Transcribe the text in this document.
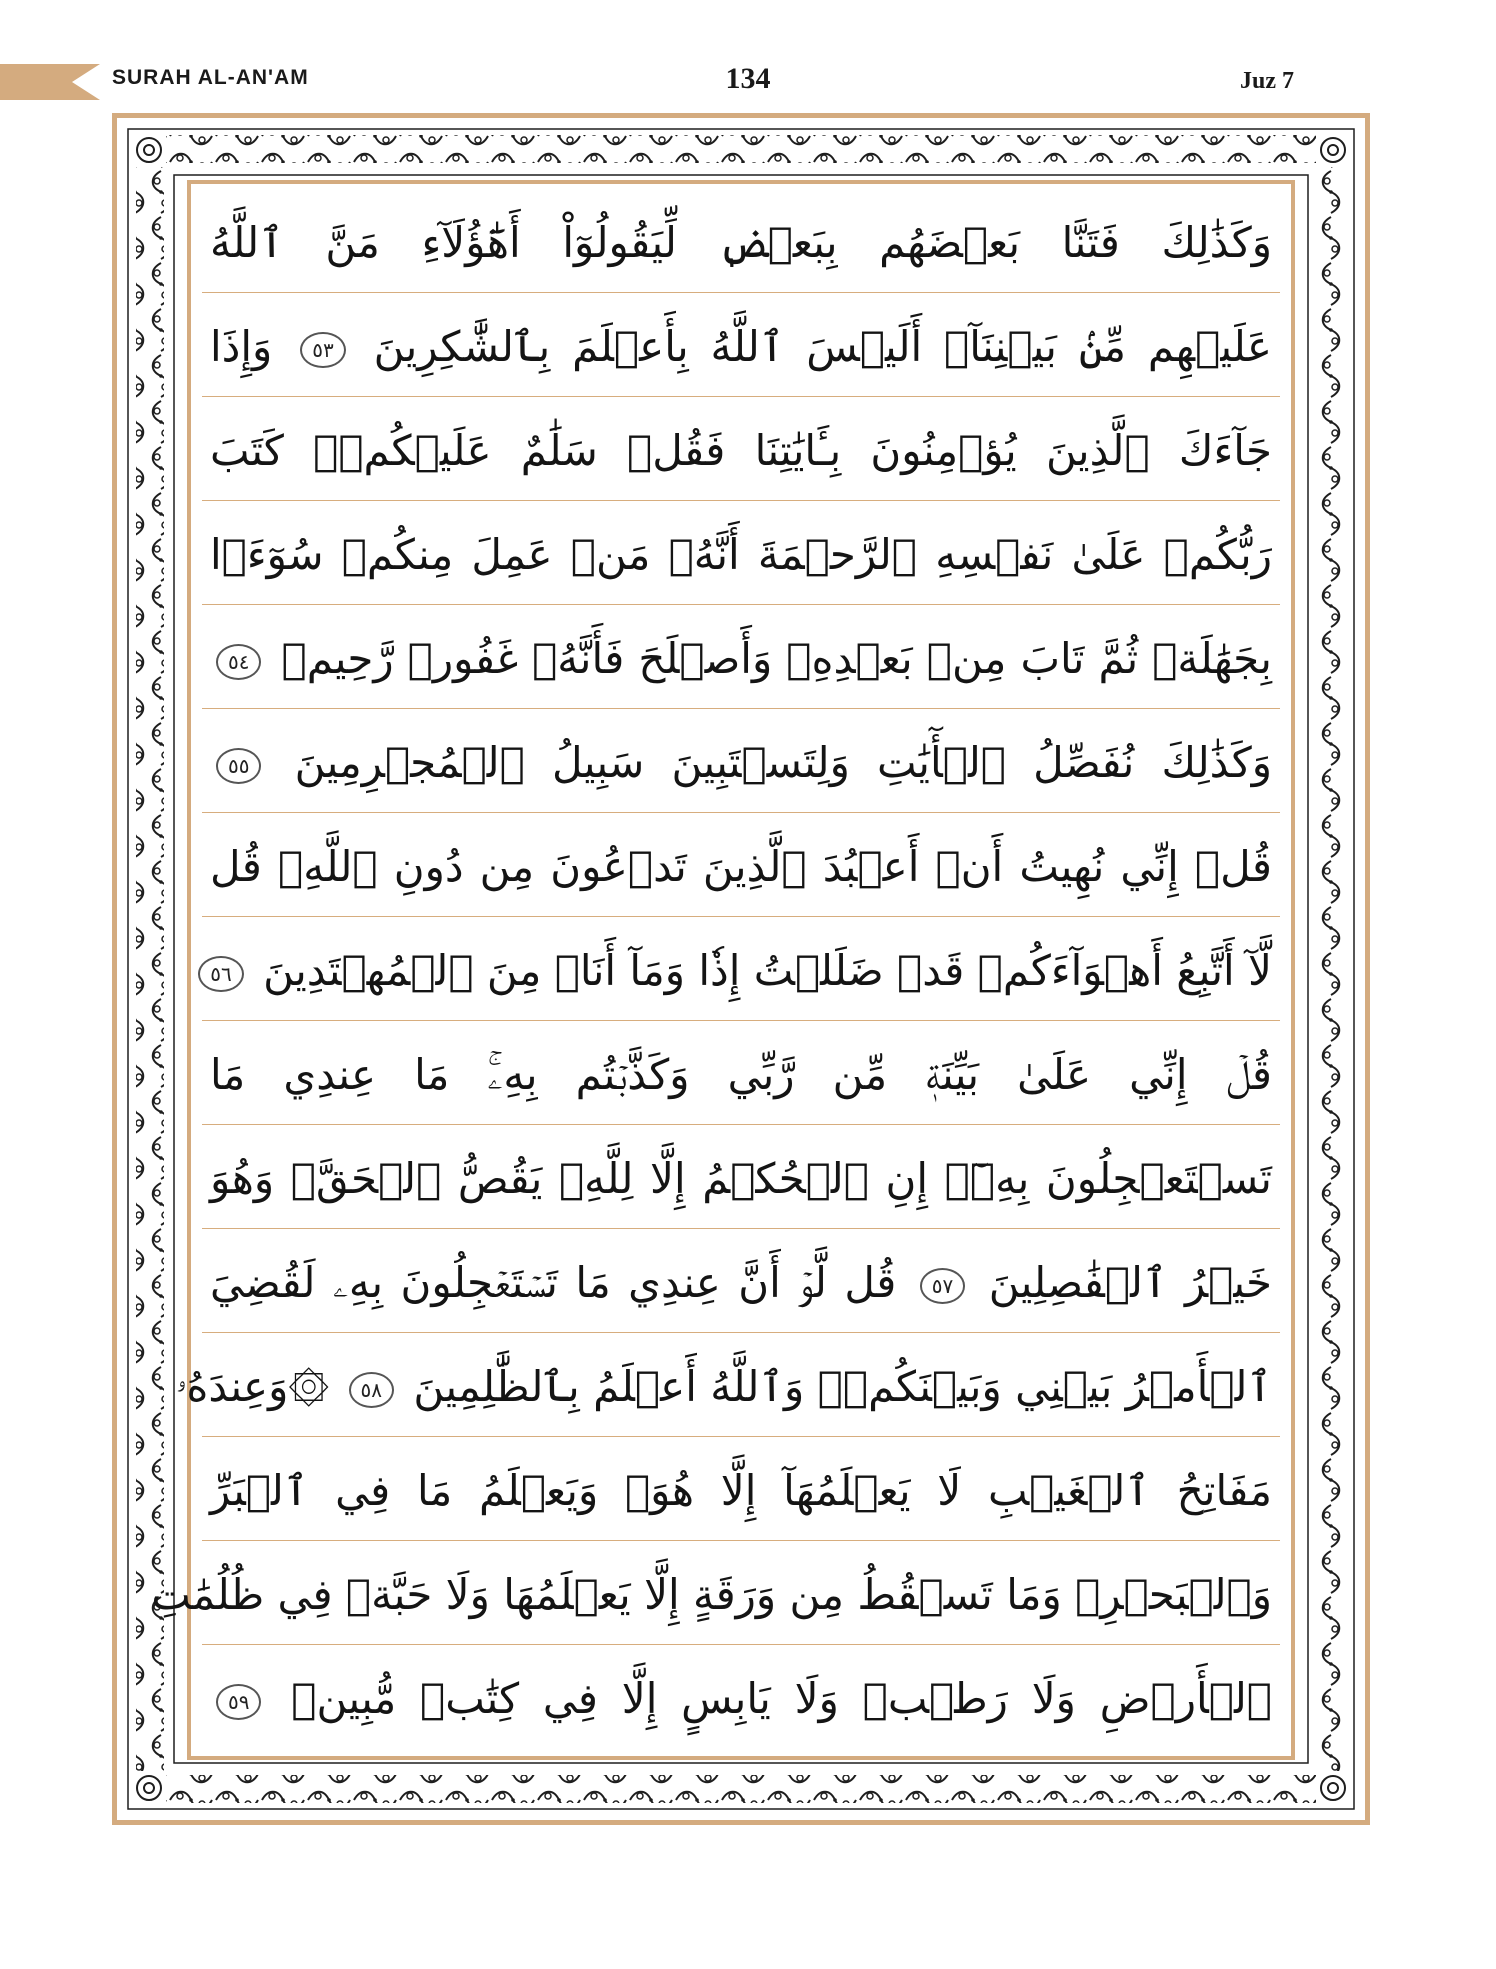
SURAH AL-AN'AM	134	Juz 7
وَكَذَٰلِكَ فَتَنَّا بَعۡضَهُم بِبَعۡضٖ لِّيَقُولُوٓاْ أَهَٰٓؤُلَآءِ مَنَّ ٱللَّهُ
عَلَيۡهِم مِّنۢ بَيۡنِنَآۗ أَلَيۡسَ ٱللَّهُ بِأَعۡلَمَ بِٱلشَّٰكِرِينَ ٥٣ وَإِذَا
جَآءَكَ ٱلَّذِينَ يُؤۡمِنُونَ بِـَٔايَٰتِنَا فَقُلۡ سَلَٰمٌ عَلَيۡكُمۡۖ كَتَبَ
رَبُّكُمۡ عَلَىٰ نَفۡسِهِ ٱلرَّحۡمَةَ أَنَّهُۥ مَنۡ عَمِلَ مِنكُمۡ سُوٓءَۢا
بِجَهَٰلَةٖ ثُمَّ تَابَ مِنۢ بَعۡدِهِۦ وَأَصۡلَحَ فَأَنَّهُۥ غَفُورٞ رَّحِيمٞ ٥٤
وَكَذَٰلِكَ نُفَصِّلُ ٱلۡأٓيَٰتِ وَلِتَسۡتَبِينَ سَبِيلُ ٱلۡمُجۡرِمِينَ ٥٥
قُلۡ إِنِّي نُهِيتُ أَنۡ أَعۡبُدَ ٱلَّذِينَ تَدۡعُونَ مِن دُونِ ٱللَّهِۚ قُل
لَّآ أَتَّبِعُ أَهۡوَآءَكُمۡ قَدۡ ضَلَلۡتُ إِذٗا وَمَآ أَنَا۠ مِنَ ٱلۡمُهۡتَدِينَ ٥٦
قُلۡ إِنِّي عَلَىٰ بَيِّنَةٖ مِّن رَّبِّي وَكَذَّبۡتُم بِهِۦۚ مَا عِندِي مَا
تَسۡتَعۡجِلُونَ بِهِۦٓۚ إِنِ ٱلۡحُكۡمُ إِلَّا لِلَّهِۖ يَقُصُّ ٱلۡحَقَّۖ وَهُوَ
خَيۡرُ ٱلۡفَٰصِلِينَ ٥٧ قُل لَّوۡ أَنَّ عِندِي مَا تَسۡتَعۡجِلُونَ بِهِۦ لَقُضِيَ
ٱلۡأَمۡرُ بَيۡنِي وَبَيۡنَكُمۡۗ وَٱللَّهُ أَعۡلَمُ بِٱلظَّٰلِمِينَ ٥٨ ۞وَعِندَهُۥ
مَفَاتِحُ ٱلۡغَيۡبِ لَا يَعۡلَمُهَآ إِلَّا هُوَۚ وَيَعۡلَمُ مَا فِي ٱلۡبَرِّ
وَٱلۡبَحۡرِۚ وَمَا تَسۡقُطُ مِن وَرَقَةٍ إِلَّا يَعۡلَمُهَا وَلَا حَبَّةٖ فِي ظُلُمَٰتِ
ٱلۡأَرۡضِ وَلَا رَطۡبٖ وَلَا يَابِسٍ إِلَّا فِي كِتَٰبٖ مُّبِينٖ ٥٩
